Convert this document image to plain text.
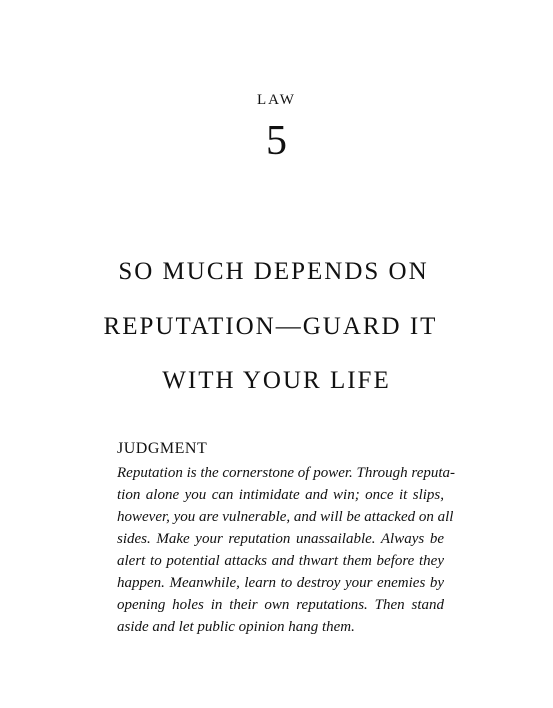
LAW
5
SO MUCH DEPENDS ON
REPUTATION—GUARD IT
WITH YOUR LIFE
JUDGMENT
Reputation is the cornerstone of power. Through reputa-
tion alone you can intimidate and win; once it slips,
however, you are vulnerable, and will be attacked on all
sides. Make your reputation unassailable. Always be
alert to potential attacks and thwart them before they
happen. Meanwhile, learn to destroy your enemies by
opening holes in their own reputations. Then stand
aside and let public opinion hang them.
